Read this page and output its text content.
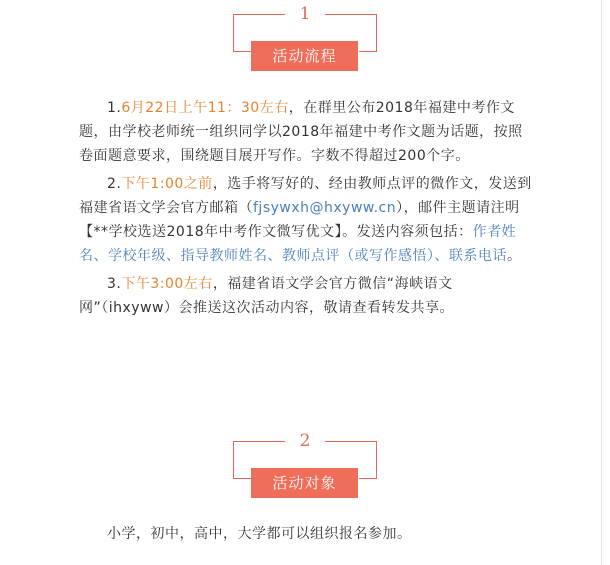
1
活动流程

1.6月22日上午11：30左右，在群里公布2018年福建中考作文题，由学校老师统一组织同学以2018年福建中考作文题为话题，按照卷面题意要求，围绕题目展开写作。字数不得超过200个字。

2.下午1:00之前，选手将写好的、经由教师点评的微作文，发送到福建省语文学会官方邮箱（fjsywxh@hxyww.cn），邮件主题请注明【**学校选送2018年中考作文微写优文】。发送内容须包括：作者姓名、学校年级、指导教师姓名、教师点评（或写作感悟）、联系电话。

3.下午3:00左右，福建省语文学会官方微信“海峡语文网”（ihxyww）会推送这次活动内容，敬请查看转发共享。

2
活动对象

小学，初中，高中，大学都可以组织报名参加。
